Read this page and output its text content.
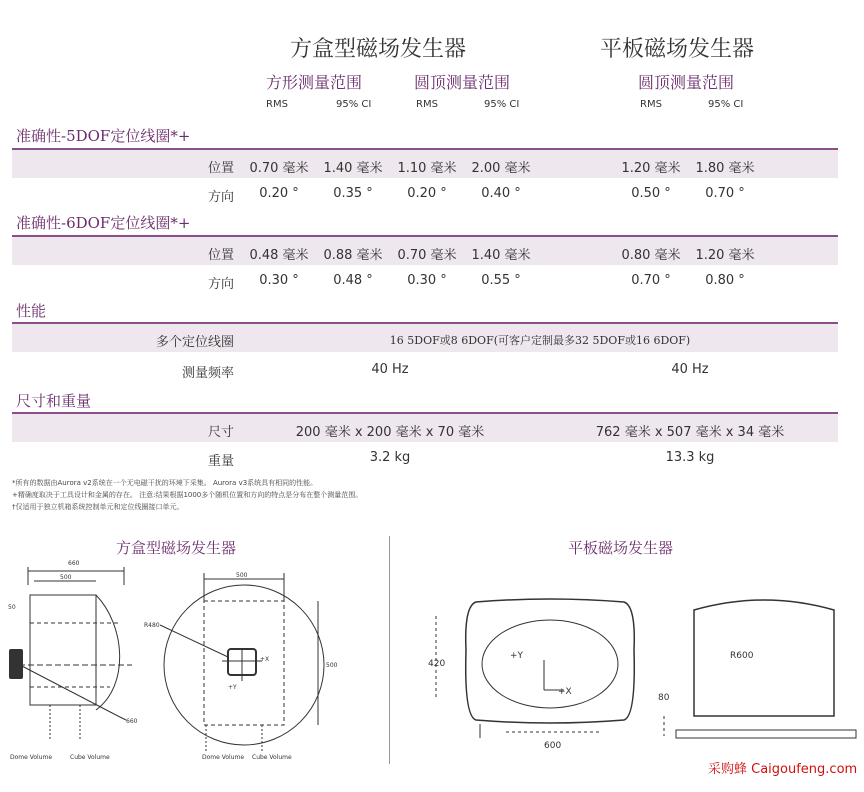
方盒型磁场发生器	平板磁场发生器
方形测量范围	圆顶测量范围	圆顶测量范围
RMS	95% CI	RMS	95% CI	RMS	95% CI
准确性-5DOF定位线圈*+
位置	0.70 毫米	1.40 毫米	1.10 毫米	2.00 毫米	1.20 毫米	1.80 毫米
方向	0.20 °	0.35 °	0.20 °	0.40 °	0.50 °	0.70 °
准确性-6DOF定位线圈*+
位置	0.48 毫米	0.88 毫米	0.70 毫米	1.40 毫米	0.80 毫米	1.20 毫米
方向	0.30 °	0.48 °	0.30 °	0.55 °	0.70 °	0.80 °
性能
多个定位线圈	16 5DOF或8 6DOF(可客户定制最多32 5DOF或16 6DOF)
测量频率	40 Hz	40 Hz
尺寸和重量
尺寸	200 毫米 x 200 毫米 x 70 毫米	762 毫米 x 507 毫米 x 34 毫米
重量	3.2 kg	13.3 kg
*所有的数据由Aurora v2系统在一个无电磁干扰的环境下采集。 Aurora v3系统具有相同的性能。
+精确度取决于工具设计和金属的存在。 注意:结果根据1000多个随机位置和方向的特点是分布在整个测量范围。
†仅适用于独立机箱系统控制单元和定位线圈接口单元。
方盒型磁场发生器	平板磁场发生器
660
500
50
500
R480
+X
+Y
500
660
Dome Volume	Cube Volume	Dome Volume Cube Volume
420
600
80
+Y
+X
R600
采购蜂 Caigoufeng.com
